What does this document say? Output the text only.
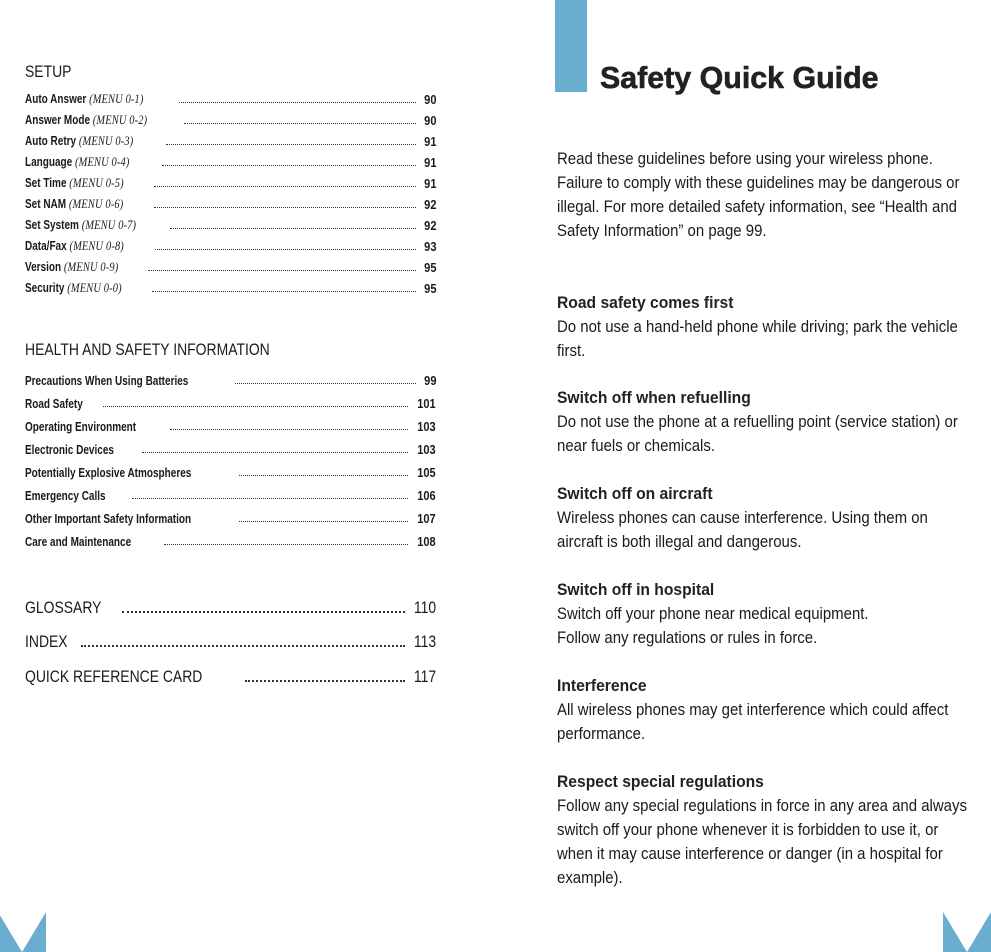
SETUP
Auto Answer (MENU 0-1)	90
Answer Mode (MENU 0-2)	90
Auto Retry (MENU 0-3)	91
Language (MENU 0-4)	91
Set Time (MENU 0-5)	91
Set NAM (MENU 0-6)	92
Set System (MENU 0-7)	92
Data/Fax (MENU 0-8)	93
Version (MENU 0-9)	95
Security (MENU 0-0)	95
HEALTH AND SAFETY INFORMATION
Precautions When Using Batteries	99
Road Safety	101
Operating Environment	103
Electronic Devices	103
Potentially Explosive Atmospheres	105
Emergency Calls	106
Other Important Safety Information	107
Care and Maintenance	108
GLOSSARY	110
INDEX	113
QUICK REFERENCE CARD	117
4
Safety Quick Guide

Read these guidelines before using your wireless phone. Failure to comply with these guidelines may be dangerous or illegal. For more detailed safety information, see “Health and Safety Information” on page 99.

Road safety comes first

Do not use a hand-held phone while driving; park the vehicle first.

Switch off when refuelling

Do not use the phone at a refuelling point (service station) or near fuels or chemicals.

Switch off on aircraft

Wireless phones can cause interference. Using them on aircraft is both illegal and dangerous.

Switch off in hospital

Switch off your phone near medical equipment. Follow any regulations or rules in force.

Interference

All wireless phones may get interference which could affect performance.

Respect special regulations

Follow any special regulations in force in any area and always switch off your phone whenever it is forbidden to use it, or when it may cause interference or danger (in a hospital for example).

5
